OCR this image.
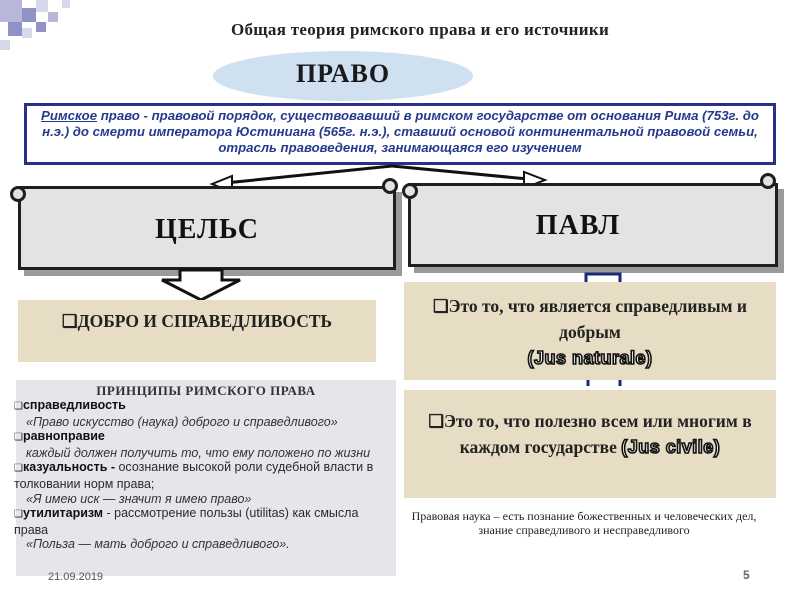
Общая теория римского права и его источники
ПРАВО
Римское право - правовой порядок, существовавший в римском государстве от основания Рима (753г. до н.э.) до смерти императора Юстиниана (565г. н.э.), ставший основой континентальной правовой семьи, отрасль правоведения, занимающаяся его изучением
ЦЕЛЬС	ПАВЛ
❑ДОБРО И СПРАВЕДЛИВОСТЬ
❑Это то, что является справедливым и добрым
(Jus naturale)
❑Это то, что полезно всем или многим в каждом государстве (Jus civile)
ПРИНЦИПЫ РИМСКОГО ПРАВА
❑справедливость
«Право искусство (наука) доброго и справедливого»
❑равноправие
каждый должен получить то, что ему положено по жизни
❑казуальность - осознание высокой роли судебной власти в толковании норм права;
«Я имею иск — значит я имею право»
❑утилитаризм - рассмотрение пользы (utilitas) как смысла права
«Польза — мать доброго и справедливого».
Правовая наука – есть познание божественных и человеческих дел, знание справедливого и несправедливого
21.09.2019	5
